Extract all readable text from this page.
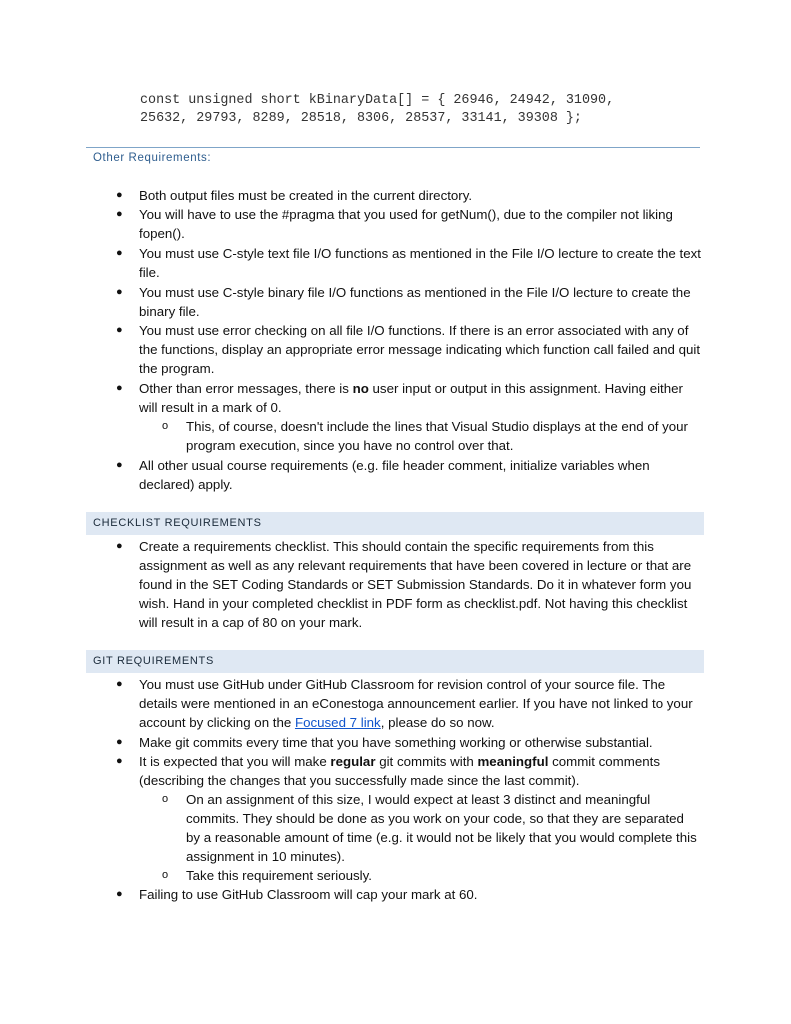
const unsigned short kBinaryData[] = { 26946, 24942, 31090,
25632, 29793, 8289, 28518, 8306, 28537, 33141, 39308 };
Other Requirements:
● Both output files must be created in the current directory.
● You will have to use the #pragma that you used for getNum(), due to the compiler not liking fopen().
● You must use C-style text file I/O functions as mentioned in the File I/O lecture to create the text file.
● You must use C-style binary file I/O functions as mentioned in the File I/O lecture to create the binary file.
● You must use error checking on all file I/O functions. If there is an error associated with any of the functions, display an appropriate error message indicating which function call failed and quit the program.
● Other than error messages, there is no user input or output in this assignment. Having either will result in a mark of 0.
o This, of course, doesn't include the lines that Visual Studio displays at the end of your program execution, since you have no control over that.
● All other usual course requirements (e.g. file header comment, initialize variables when declared) apply.
CHECKLIST REQUIREMENTS
● Create a requirements checklist. This should contain the specific requirements from this assignment as well as any relevant requirements that have been covered in lecture or that are found in the SET Coding Standards or SET Submission Standards. Do it in whatever form you wish. Hand in your completed checklist in PDF form as checklist.pdf. Not having this checklist will result in a cap of 80 on your mark.
GIT REQUIREMENTS
● You must use GitHub under GitHub Classroom for revision control of your source file. The details were mentioned in an eConestoga announcement earlier. If you have not linked to your account by clicking on the Focused 7 link, please do so now.
● Make git commits every time that you have something working or otherwise substantial.
● It is expected that you will make regular git commits with meaningful commit comments (describing the changes that you successfully made since the last commit).
o On an assignment of this size, I would expect at least 3 distinct and meaningful commits. They should be done as you work on your code, so that they are separated by a reasonable amount of time (e.g. it would not be likely that you would complete this assignment in 10 minutes).
o Take this requirement seriously.
● Failing to use GitHub Classroom will cap your mark at 60.
